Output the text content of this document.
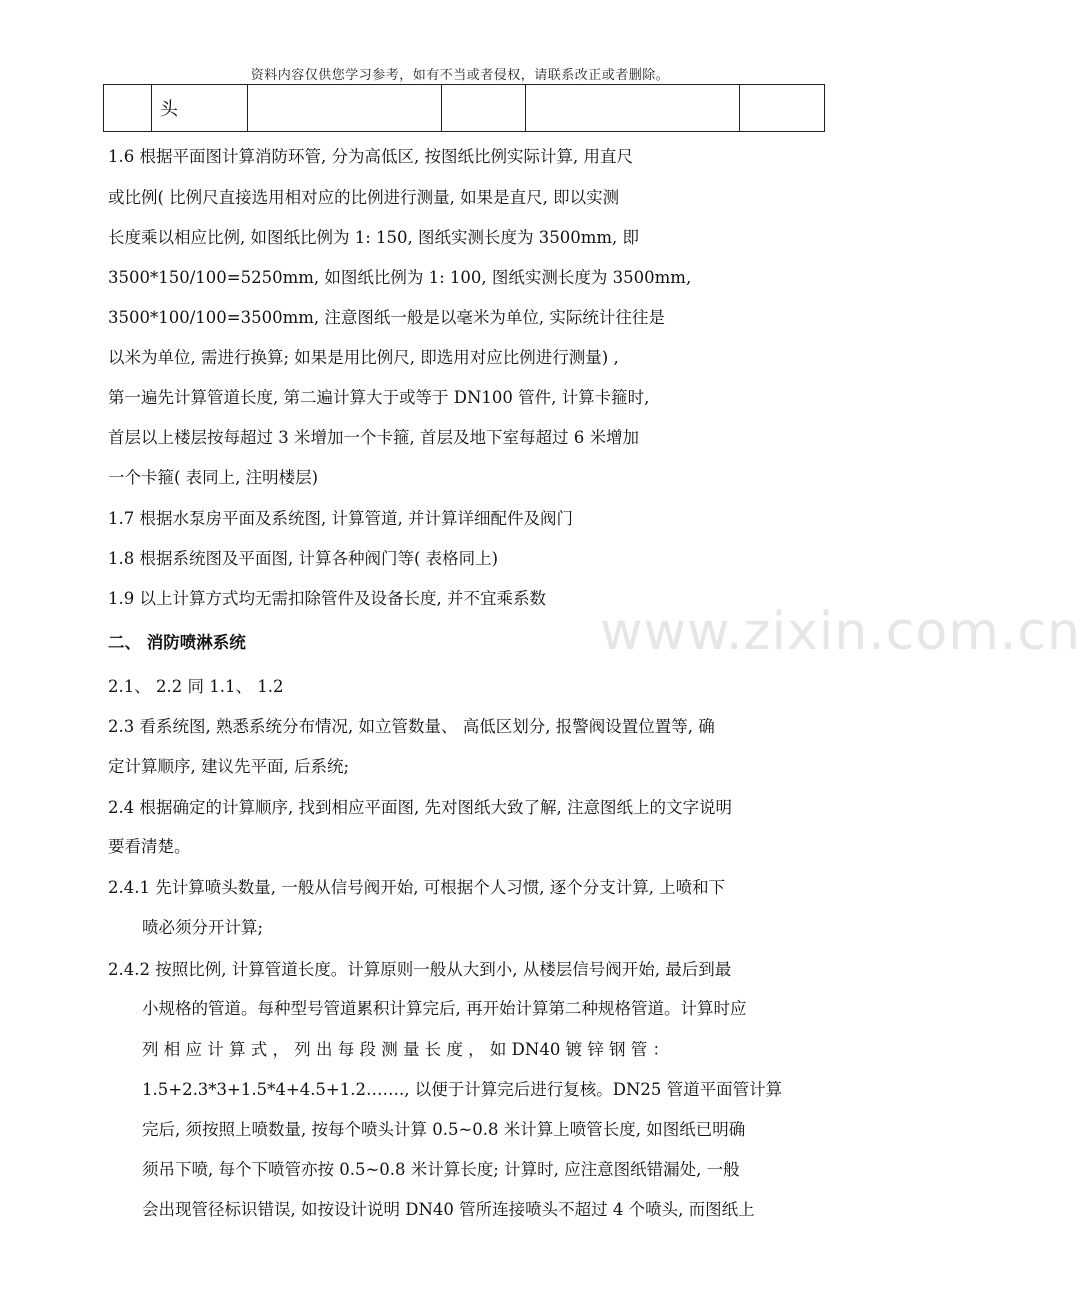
资料内容仅供您学习参考，如有不当或者侵权，请联系改正或者删除。
	头				
www.zixin.com.cn
1.6 根据平面图计算消防环管, 分为高低区, 按图纸比例实际计算, 用直尺
或比例( 比例尺直接选用相对应的比例进行测量, 如果是直尺, 即以实测
长度乘以相应比例, 如图纸比例为 1: 150, 图纸实测长度为 3500mm, 即
3500*150/100=5250mm, 如图纸比例为 1: 100, 图纸实测长度为 3500mm,
3500*100/100=3500mm, 注意图纸一般是以毫米为单位, 实际统计往往是
以米为单位, 需进行换算; 如果是用比例尺, 即选用对应比例进行测量) ,
第一遍先计算管道长度, 第二遍计算大于或等于 DN100 管件, 计算卡箍时,
首层以上楼层按每超过 3 米增加一个卡箍, 首层及地下室每超过 6 米增加
一个卡箍( 表同上, 注明楼层)
1.7 根据水泵房平面及系统图, 计算管道, 并计算详细配件及阀门
1.8 根据系统图及平面图, 计算各种阀门等( 表格同上)
1.9 以上计算方式均无需扣除管件及设备长度, 并不宜乘系数
二、 消防喷淋系统
2.1、 2.2 同 1.1、 1.2
2.3 看系统图, 熟悉系统分布情况, 如立管数量、 高低区划分, 报警阀设置位置等, 确
定计算顺序, 建议先平面, 后系统;
2.4 根据确定的计算顺序, 找到相应平面图, 先对图纸大致了解, 注意图纸上的文字说明
要看清楚。
2.4.1 先计算喷头数量, 一般从信号阀开始, 可根据个人习惯, 逐个分支计算, 上喷和下
喷必须分开计算;
2.4.2 按照比例, 计算管道长度。计算原则一般从大到小, 从楼层信号阀开始, 最后到最
小规格的管道。每种型号管道累积计算完后, 再开始计算第二种规格管道。计算时应
列 相 应 计 算 式 ， 列 出 每 段 测 量 长 度 ， 如 DN40 镀 锌 钢 管 ：
1.5+2.3*3+1.5*4+4.5+1.2……., 以便于计算完后进行复核。DN25 管道平面管计算
完后, 须按照上喷数量, 按每个喷头计算 0.5~0.8 米计算上喷管长度, 如图纸已明确
须吊下喷, 每个下喷管亦按 0.5~0.8 米计算长度; 计算时, 应注意图纸错漏处, 一般
会出现管径标识错误, 如按设计说明 DN40 管所连接喷头不超过 4 个喷头, 而图纸上
